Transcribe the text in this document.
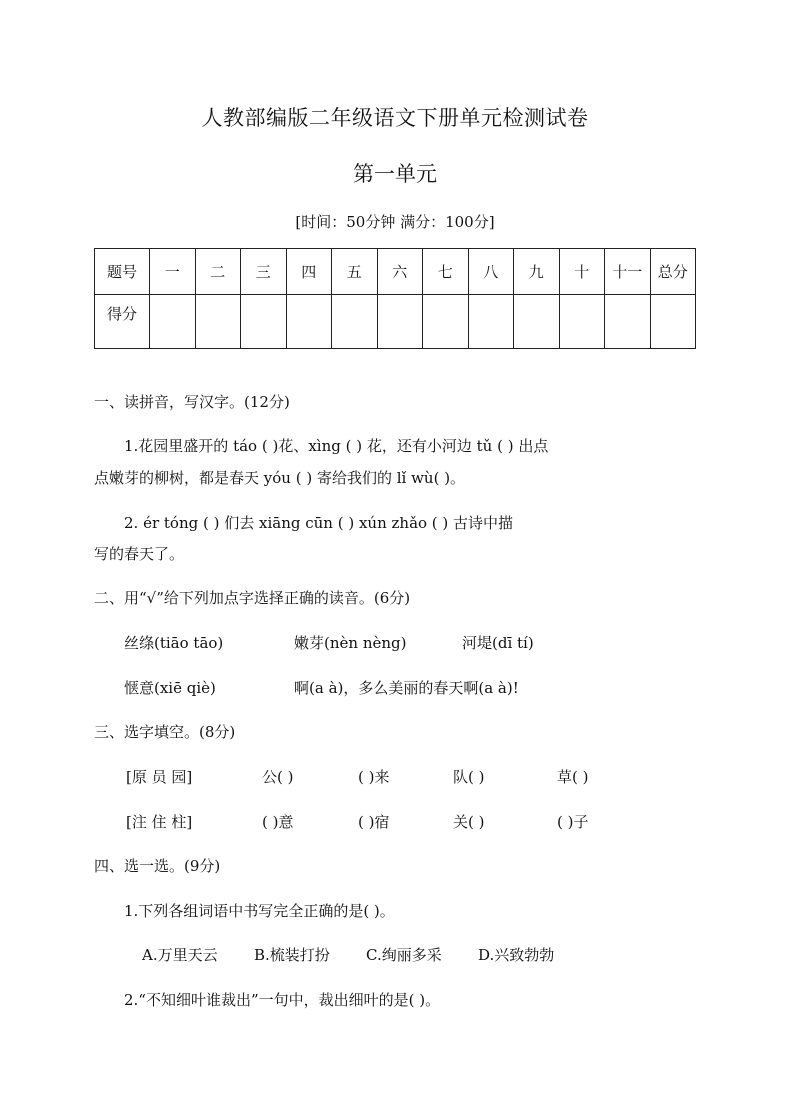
人教部编版二年级语文下册单元检测试卷
第一单元
[时间：50分钟 满分：100分]
题号	一	二	三	四	五	六	七	八	九	十	十一	总分
得分												
一、读拼音，写汉字。(12分)
1.花园里盛开的 táo ( )花、xìng ( ) 花，还有小河边 tǔ ( ) 出点
点嫩芽的柳树，都是春天 yóu ( ) 寄给我们的 lǐ wù( )。
2. ér tóng ( ) 们去 xiāng cūn ( ) xún zhǎo ( ) 古诗中描
写的春天了。
二、用“√”给下列加点字选择正确的读音。(6分)
丝绦(tiāo tāo)	嫩芽(nèn nèng)	河堤(dī tí)
惬意(xiē qiè)	啊(a à)，多么美丽的春天啊(a à)!
三、选字填空。(8分)
[原 员 园]	公( )	( )来	队( )	草( )
[注 住 柱]	( )意	( )宿	关( )	( )子
四、选一选。(9分)
1.下列各组词语中书写完全正确的是( )。
A.万里天云 B.梳装打扮 C.绚丽多采 D.兴致勃勃
2.“不知细叶谁裁出”一句中，裁出细叶的是( )。
